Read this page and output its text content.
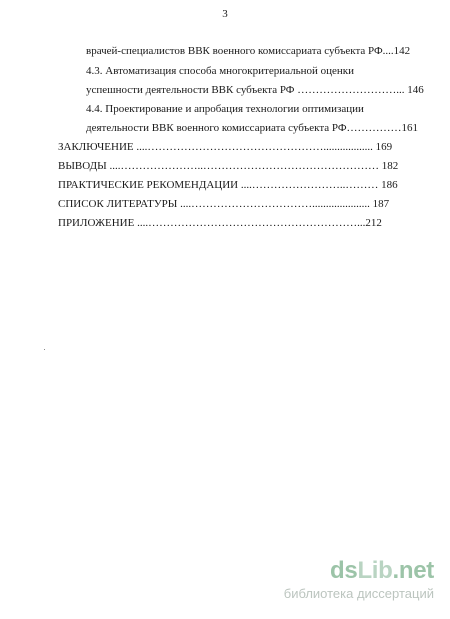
3
врачей-специалистов ВВК военного комиссариата субъекта РФ....142
4.3. Автоматизация способа многокритериальной оценки
успешности деятельности ВВК субъекта РФ ………………………... 146
4.4. Проектирование и апробация технологии оптимизации
деятельности ВВК военного комиссариата субъекта РФ……………161
ЗАКЛЮЧЕНИЕ ....………………………………………….................. 169
ВЫВОДЫ ....…………………..………………………………………… 182
ПРАКТИЧЕСКИЕ РЕКОМЕНДАЦИИ ....……………………..……… 186
СПИСОК ЛИТЕРАТУРЫ ....……………………………..................... 187
ПРИЛОЖЕНИЕ ....…………………………………………………...212
dsLib.net
библиотека диссертаций
